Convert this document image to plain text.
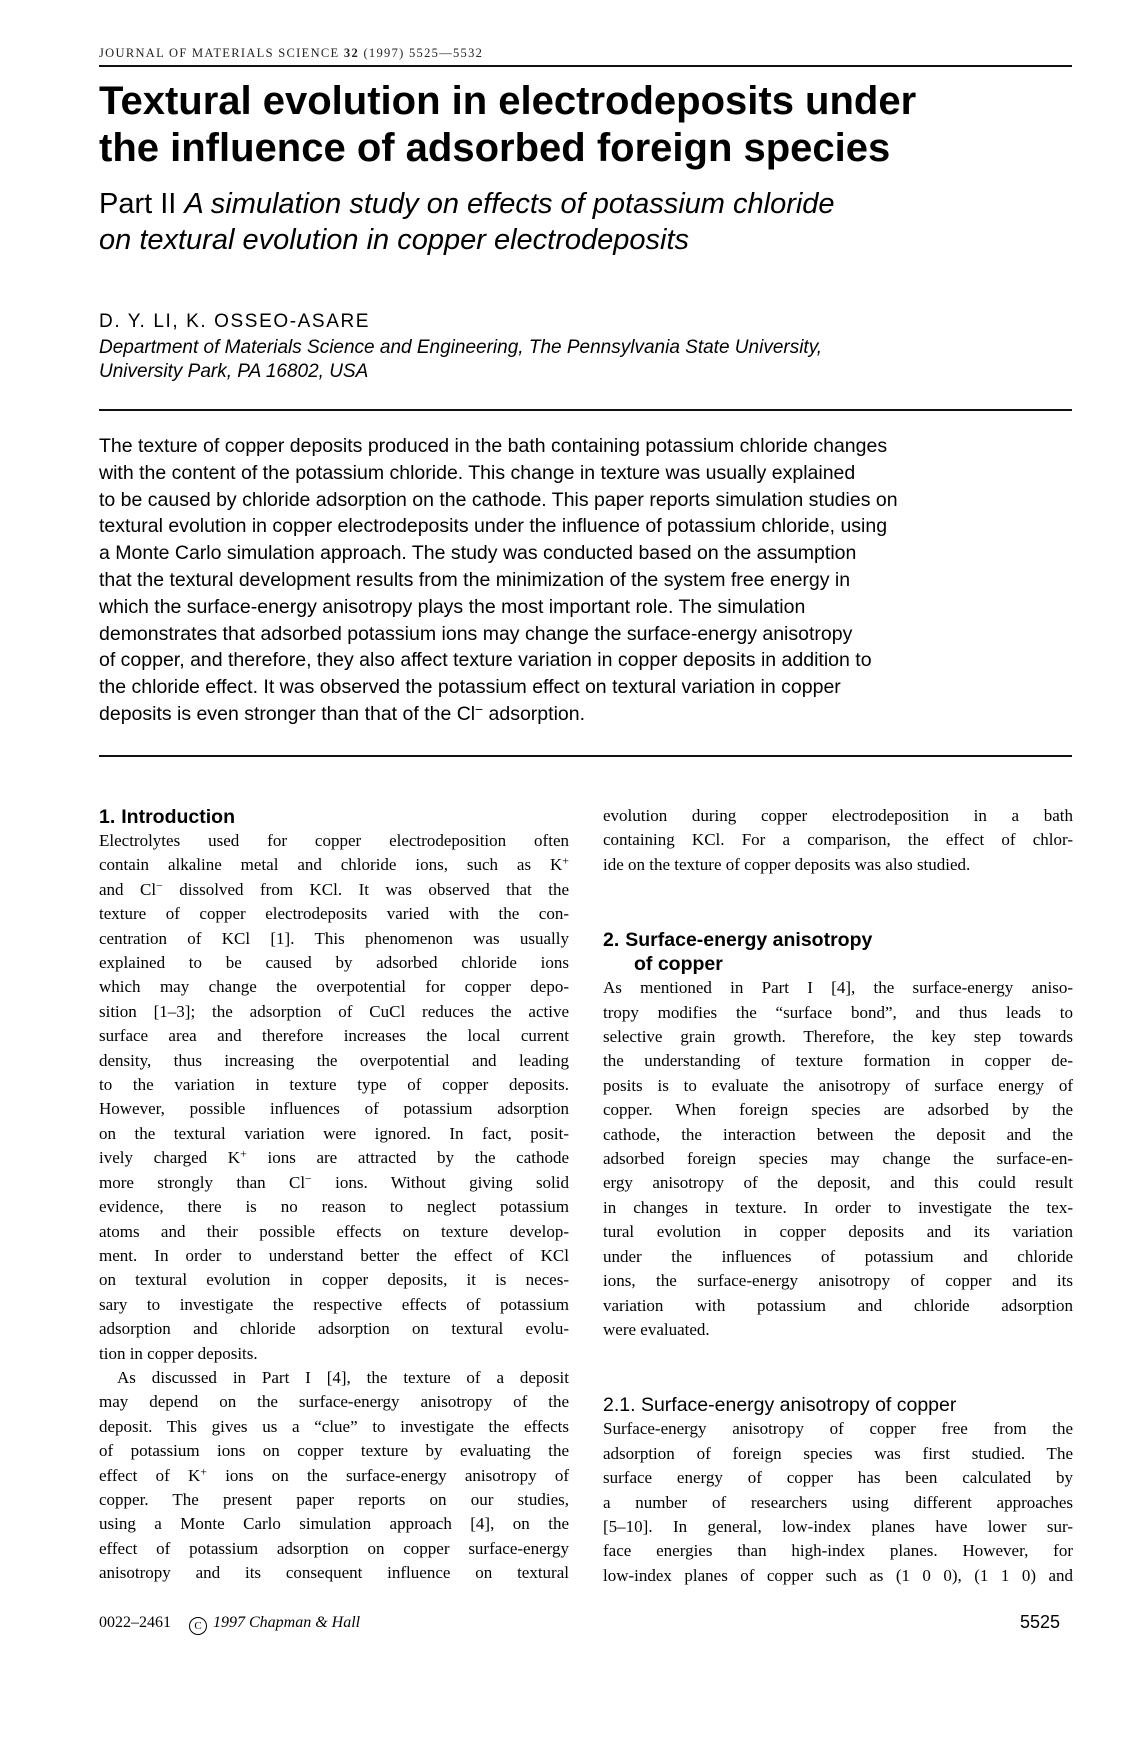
JOURNAL OF MATERIALS SCIENCE 32 (1997) 5525—5532
Textural evolution in electrodeposits under
the influence of adsorbed foreign species
Part II A simulation study on effects of potassium chloride
on textural evolution in copper electrodeposits
D. Y. LI, K. OSSEO-ASARE
Department of Materials Science and Engineering, The Pennsylvania State University,
University Park, PA 16802, USA
The texture of copper deposits produced in the bath containing potassium chloride changes
with the content of the potassium chloride. This change in texture was usually explained
to be caused by chloride adsorption on the cathode. This paper reports simulation studies on
textural evolution in copper electrodeposits under the influence of potassium chloride, using
a Monte Carlo simulation approach. The study was conducted based on the assumption
that the textural development results from the minimization of the system free energy in
which the surface-energy anisotropy plays the most important role. The simulation
demonstrates that adsorbed potassium ions may change the surface-energy anisotropy
of copper, and therefore, they also affect texture variation in copper deposits in addition to
the chloride effect. It was observed the potassium effect on textural variation in copper
deposits is even stronger than that of the Cl− adsorption.
1. Introduction
Electrolytes used for copper electrodeposition often
contain alkaline metal and chloride ions, such as K+
and Cl− dissolved from KCl. It was observed that the
texture of copper electrodeposits varied with the con-
centration of KCl [1]. This phenomenon was usually
explained to be caused by adsorbed chloride ions
which may change the overpotential for copper depo-
sition [1–3]; the adsorption of CuCl reduces the active
surface area and therefore increases the local current
density, thus increasing the overpotential and leading
to the variation in texture type of copper deposits.
However, possible influences of potassium adsorption
on the textural variation were ignored. In fact, posit-
ively charged K+ ions are attracted by the cathode
more strongly than Cl− ions. Without giving solid
evidence, there is no reason to neglect potassium
atoms and their possible effects on texture develop-
ment. In order to understand better the effect of KCl
on textural evolution in copper deposits, it is neces-
sary to investigate the respective effects of potassium
adsorption and chloride adsorption on textural evolu-
tion in copper deposits.
As discussed in Part I [4], the texture of a deposit
may depend on the surface-energy anisotropy of the
deposit. This gives us a “clue” to investigate the effects
of potassium ions on copper texture by evaluating the
effect of K+ ions on the surface-energy anisotropy of
copper. The present paper reports on our studies,
using a Monte Carlo simulation approach [4], on the
effect of potassium adsorption on copper surface-energy
anisotropy and its consequent influence on textural
evolution during copper electrodeposition in a bath
containing KCl. For a comparison, the effect of chlor-
ide on the texture of copper deposits was also studied.
2. Surface-energy anisotropy
of copper
As mentioned in Part I [4], the surface-energy aniso-
tropy modifies the “surface bond”, and thus leads to
selective grain growth. Therefore, the key step towards
the understanding of texture formation in copper de-
posits is to evaluate the anisotropy of surface energy of
copper. When foreign species are adsorbed by the
cathode, the interaction between the deposit and the
adsorbed foreign species may change the surface-en-
ergy anisotropy of the deposit, and this could result
in changes in texture. In order to investigate the tex-
tural evolution in copper deposits and its variation
under the influences of potassium and chloride
ions, the surface-energy anisotropy of copper and its
variation with potassium and chloride adsorption
were evaluated.
2.1. Surface-energy anisotropy of copper
Surface-energy anisotropy of copper free from the
adsorption of foreign species was first studied. The
surface energy of copper has been calculated by
a number of researchers using different approaches
[5–10]. In general, low-index planes have lower sur-
face energies than high-index planes. However, for
low-index planes of copper such as (1 0 0), (1 1 0) and
0022–2461 C 1997 Chapman & Hall	5525
